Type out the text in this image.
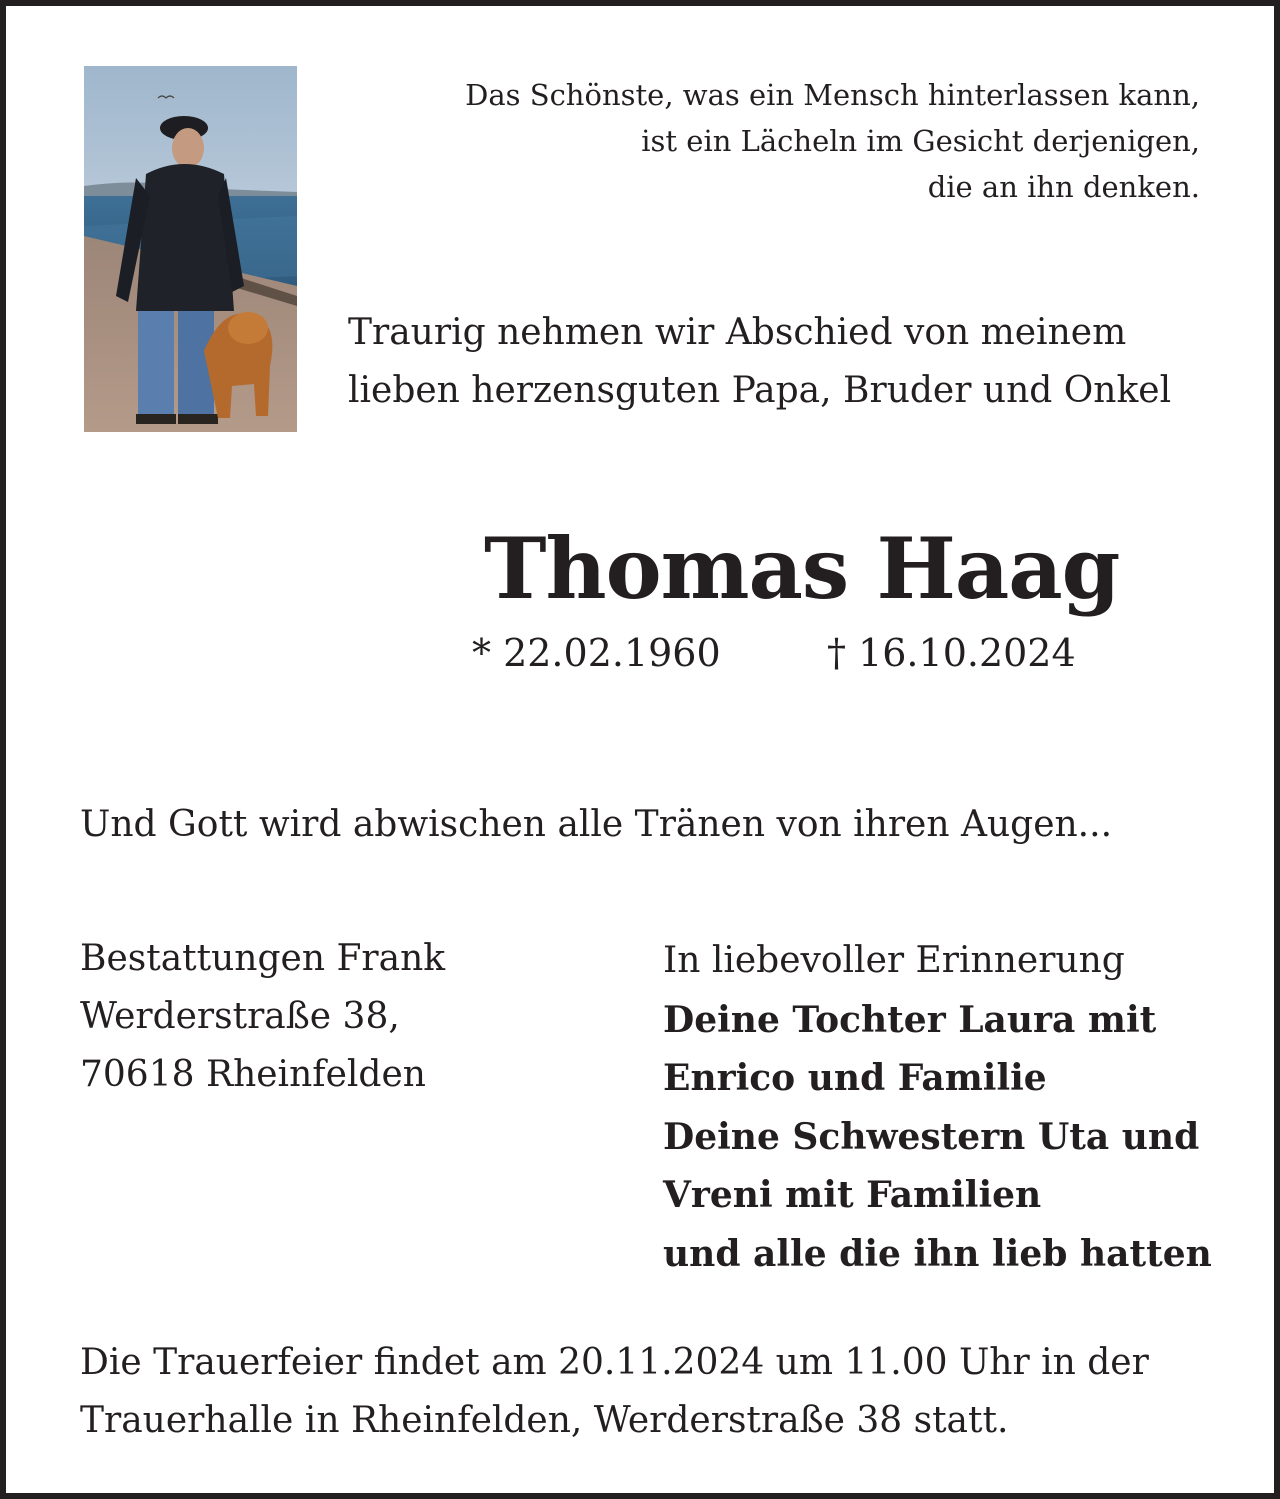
Das Schönste, was ein Mensch hinterlassen kann,
ist ein Lächeln im Gesicht derjenigen,
die an ihn denken.
Traurig nehmen wir Abschied von meinem
lieben herzensguten Papa, Bruder und Onkel
Thomas Haag
* 22.02.1960	† 16.10.2024
Und Gott wird abwischen alle Tränen von ihren Augen...
Bestattungen Frank
Werderstraße 38,
70618 Rheinfelden
In liebevoller Erinnerung
Deine Tochter Laura mit
Enrico und Familie
Deine Schwestern Uta und
Vreni mit Familien
und alle die ihn lieb hatten
Die Trauerfeier findet am 20.11.2024 um 11.00 Uhr in der
Trauerhalle in Rheinfelden, Werderstraße 38 statt.
